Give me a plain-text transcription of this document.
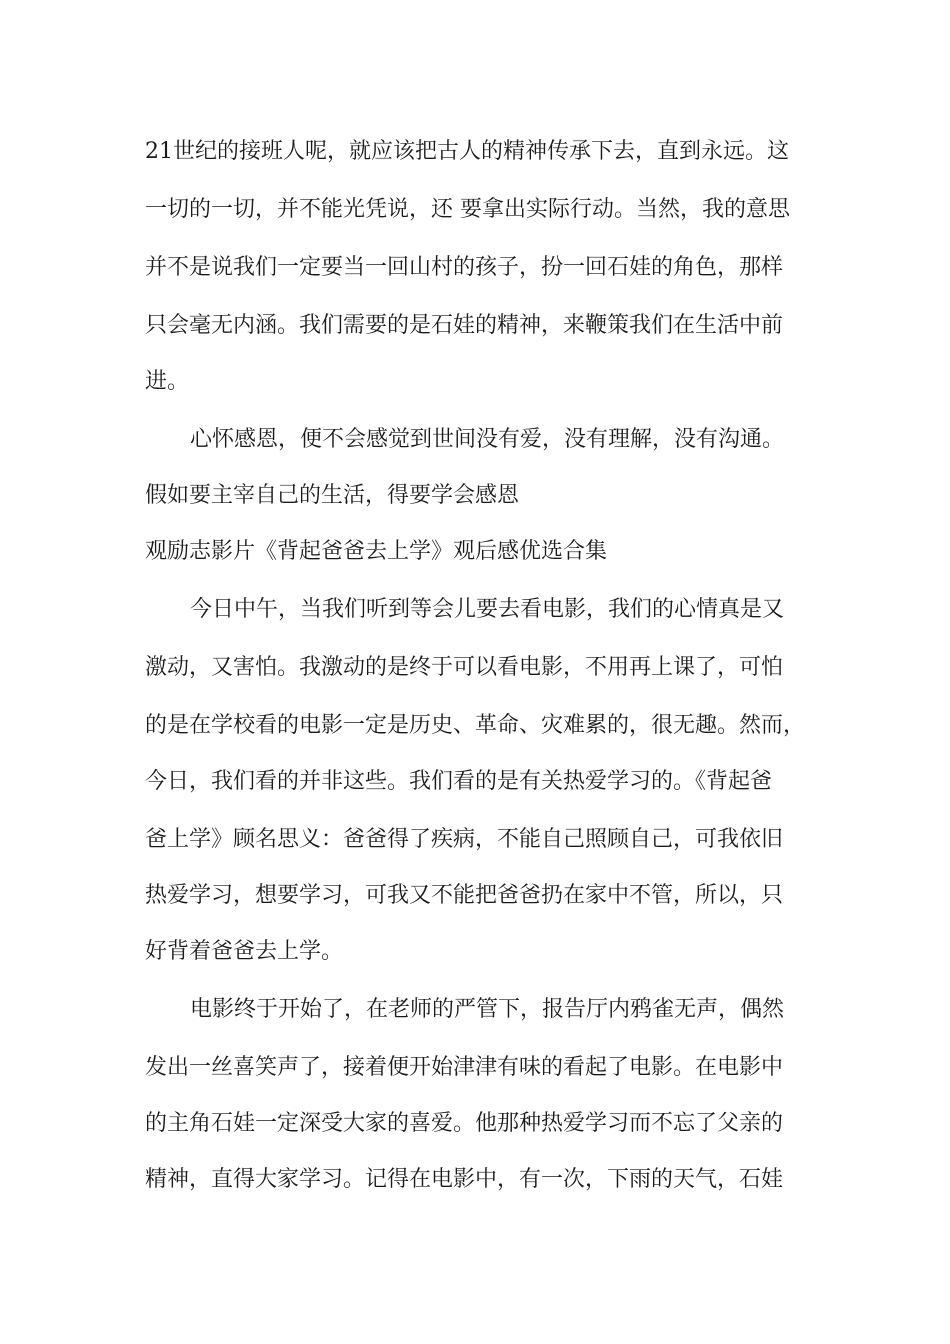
21世纪的接班人呢，就应该把古人的精神传承下去，直到永远。这
一切的一切，并不能光凭说，还 要拿出实际行动。当然，我的意思
并不是说我们一定要当一回山村的孩子，扮一回石娃的角色，那样
只会毫无内涵。我们需要的是石娃的精神，来鞭策我们在生活中前
进。
心怀感恩，便不会感觉到世间没有爱，没有理解，没有沟通。
假如要主宰自己的生活，得要学会感恩
观励志影片《背起爸爸去上学》观后感优选合集
今日中午，当我们听到等会儿要去看电影，我们的心情真是又
激动，又害怕。我激动的是终于可以看电影，不用再上课了，可怕
的是在学校看的电影一定是历史、革命、灾难累的，很无趣。然而，
今日，我们看的并非这些。我们看的是有关热爱学习的。《背起爸
爸上学》顾名思义：爸爸得了疾病，不能自己照顾自己，可我依旧
热爱学习，想要学习，可我又不能把爸爸扔在家中不管，所以，只
好背着爸爸去上学。
电影终于开始了，在老师的严管下，报告厅内鸦雀无声，偶然
发出一丝喜笑声了，接着便开始津津有味的看起了电影。在电影中
的主角石娃一定深受大家的喜爱。他那种热爱学习而不忘了父亲的
精神，直得大家学习。记得在电影中，有一次，下雨的天气，石娃
